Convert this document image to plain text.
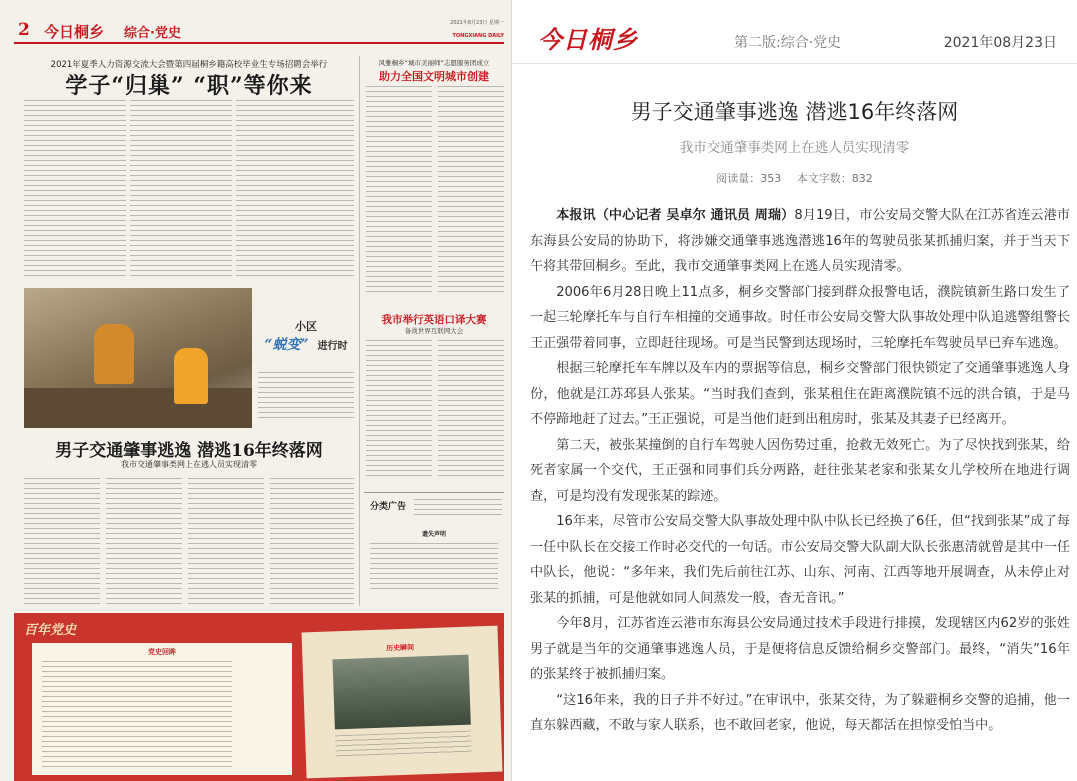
2 今日桐乡 综合·党史
2021年8月23日 星期一
TONGXIANG DAILY
2021年夏季人力资源交流大会暨第四届桐乡籍高校毕业生专场招聘会举行
学子“归巢” “职”等你来
风雅桐乡“城市美丽师”志愿服务团成立
助力全国文明城市创建
小区
“蜕变” 进行时
我市举行英语口译大赛
备战世界互联网大会
男子交通肇事逃逸 潜逃16年终落网
我市交通肇事类网上在逃人员实现清零
分类广告
遗失声明
百年党史
党史回眸	历史瞬间
今日桐乡	第二版:综合·党史	2021年08月23日
男子交通肇事逃逸 潜逃16年终落网
我市交通肇事类网上在逃人员实现清零
阅读量：353 本文字数：832

本报讯（中心记者 吴卓尔 通讯员 周瑞）8月19日，市公安局交警大队在江苏省连云港市东海县公安局的协助下，将涉嫌交通肇事逃逸潜逃16年的驾驶员张某抓捕归案，并于当天下午将其带回桐乡。至此，我市交通肇事类网上在逃人员实现清零。

2006年6月28日晚上11点多，桐乡交警部门接到群众报警电话，濮院镇新生路口发生了一起三轮摩托车与自行车相撞的交通事故。时任市公安局交警大队事故处理中队追逃警组警长王正强带着同事，立即赶往现场。可是当民警到达现场时，三轮摩托车驾驶员早已弃车逃逸。

根据三轮摩托车车牌以及车内的票据等信息，桐乡交警部门很快锁定了交通肇事逃逸人身份，他就是江苏邳县人张某。“当时我们查到，张某租住在距离濮院镇不远的洪合镇，于是马不停蹄地赶了过去。”王正强说，可是当他们赶到出租房时，张某及其妻子已经离开。

第二天，被张某撞倒的自行车驾驶人因伤势过重，抢救无效死亡。为了尽快找到张某，给死者家属一个交代，王正强和同事们兵分两路，赶往张某老家和张某女儿学校所在地进行调查，可是均没有发现张某的踪迹。

16年来，尽管市公安局交警大队事故处理中队中队长已经换了6任，但“找到张某”成了每一任中队长在交接工作时必交代的一句话。市公安局交警大队副大队长张惠清就曾是其中一任中队长，他说：“多年来，我们先后前往江苏、山东、河南、江西等地开展调查，从未停止对张某的抓捕，可是他就如同人间蒸发一般，杳无音讯。”

今年8月，江苏省连云港市东海县公安局通过技术手段进行排摸，发现辖区内62岁的张姓男子就是当年的交通肇事逃逸人员，于是便将信息反馈给桐乡交警部门。最终，“消失”16年的张某终于被抓捕归案。

“这16年来，我的日子并不好过。”在审讯中，张某交待，为了躲避桐乡交警的追捕，他一直东躲西藏，不敢与家人联系，也不敢回老家，他说，每天都活在担惊受怕当中。
